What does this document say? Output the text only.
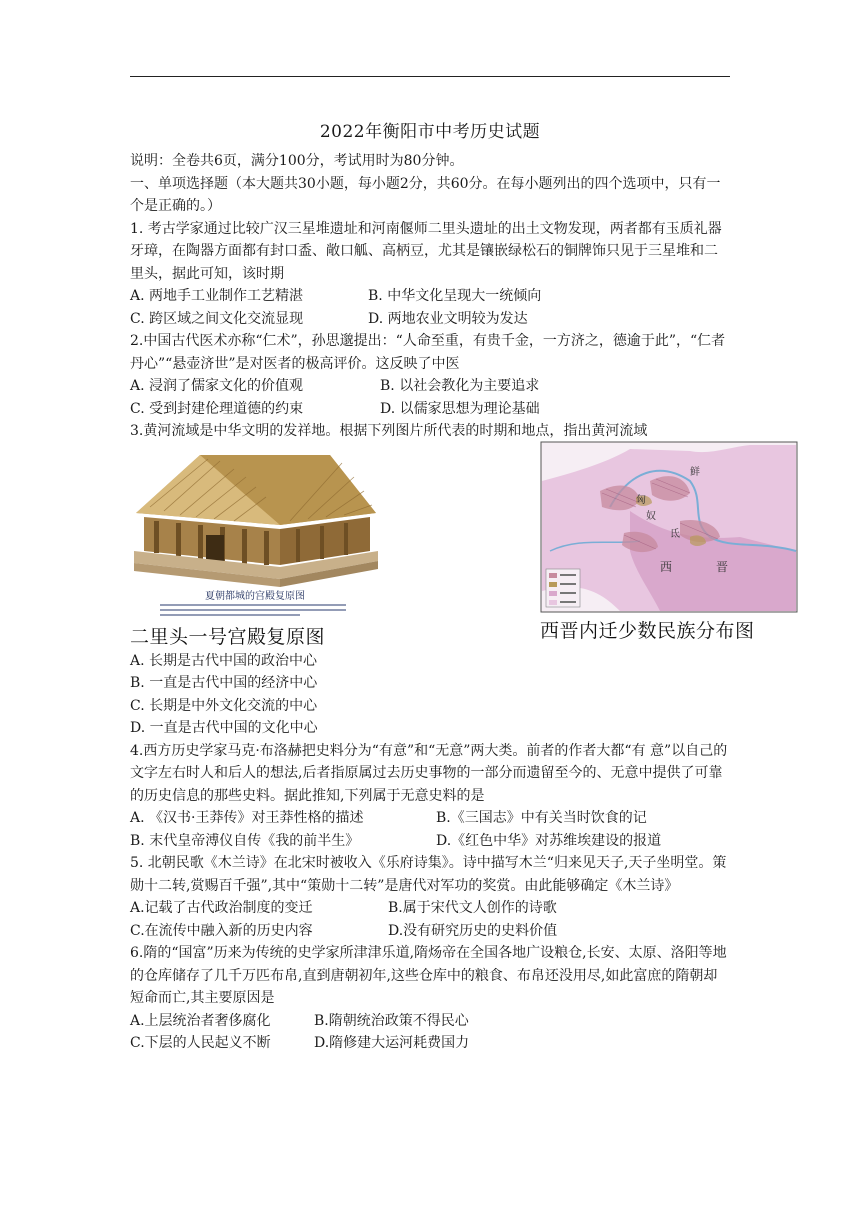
2022年衡阳市中考历史试题

说明：全卷共6页，满分100分，考试用时为80分钟。

一、单项选择题（本大题共30小题，每小题2分，共60分。在每小题列出的四个选项中，只有一个是正确的。）

1. 考古学家通过比较广汉三星堆遗址和河南偃师二里头遗址的出土文物发现，两者都有玉质礼器牙璋，在陶器方面都有封口盉、敞口觚、高柄豆，尤其是镶嵌绿松石的铜牌饰只见于三星堆和二里头，据此可知，该时期

A. 两地手工业制作工艺精湛	B. 中华文化呈现大一统倾向
C. 跨区域之间文化交流显现	D. 两地农业文明较为发达

2.中国古代医术亦称“仁术”，孙思邈提出：“人命至重，有贵千金，一方济之，德逾于此”，“仁者丹心”“悬壶济世”是对医者的极高评价。这反映了中医

A. 浸润了儒家文化的价值观	B. 以社会教化为主要追求
C. 受到封建伦理道德的约束	D. 以儒家思想为理论基础

3.黄河流域是中华文明的发祥地。根据下列图片所代表的时期和地点，指出黄河流域

夏朝都城的宫殿复原图
二里头一号宫殿复原图
鲜
匈
奴
氐
西	晋
西晋内迁少数民族分布图

A. 长期是古代中国的政治中心

B. 一直是古代中国的经济中心

C. 长期是中外文化交流的中心

D. 一直是古代中国的文化中心

4.西方历史学家马克·布洛赫把史料分为“有意”和“无意”两大类。前者的作者大都“有 意”以自己的文字左右时人和后人的想法,后者指原属过去历史事物的一部分而遗留至今的、无意中提供了可靠的历史信息的那些史料。据此推知,下列属于无意史料的是

A. 《汉书·王莽传》对王莽性格的描述	B.《三国志》中有关当时饮食的记
B. 末代皇帝溥仪自传《我的前半生》	D.《红色中华》对苏维埃建设的报道

5. 北朝民歌《木兰诗》在北宋时被收入《乐府诗集》。诗中描写木兰“归来见天子,天子坐明堂。策勋十二转,赏赐百千强”,其中“策勋十二转”是唐代对军功的奖赏。由此能够确定《木兰诗》

A.记载了古代政治制度的变迁	B.属于宋代文人创作的诗歌
C.在流传中融入新的历史内容	D.没有研究历史的史料价值

6.隋的“国富”历来为传统的史学家所津津乐道,隋炀帝在全国各地广设粮仓,长安、太原、洛阳等地的仓库储存了几千万匹布帛,直到唐朝初年,这些仓库中的粮食、布帛还没用尽,如此富庶的隋朝却短命而亡,其主要原因是

A.上层统治者奢侈腐化	B.隋朝统治政策不得民心
C.下层的人民起义不断	D.隋修建大运河耗费国力
